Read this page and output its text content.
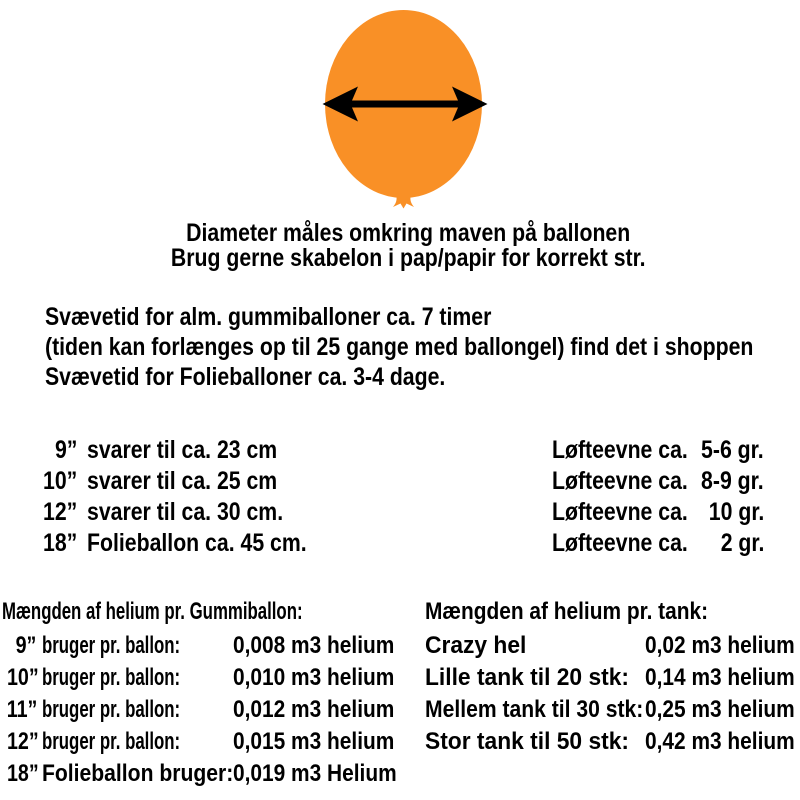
Diameter måles omkring maven på ballonen
Brug gerne skabelon i pap/papir for korrekt str.
Svævetid for alm. gummiballoner ca. 7 timer
(tiden kan forlænges op til 25 gange med ballongel) find det i shoppen
Svævetid for Folieballoner ca. 3-4 dage.
9” svarer til ca. 23 cm	Løfteevne ca. 5-6 gr.
10” svarer til ca. 25 cm	Løfteevne ca. 8-9 gr.
12” svarer til ca. 30 cm.	Løfteevne ca. 10 gr.
18” Folieballon ca. 45 cm.	Løfteevne ca.	2 gr.
Mængden af helium pr. Gummiballon:
9” bruger pr. ballon:	0,008 m3 helium
10” bruger pr. ballon:	0,010 m3 helium
11” bruger pr. ballon:	0,012 m3 helium
12” bruger pr. ballon:	0,015 m3 helium
18” Folieballon bruger: 0,019 m3 Helium
Mængden af helium pr. tank:
Crazy hel	0,02 m3 helium
Lille tank til 20 stk: 0,14 m3 helium
Mellem tank til 30 stk: 0,25 m3 helium
Stor tank til 50 stk: 0,42 m3 helium
